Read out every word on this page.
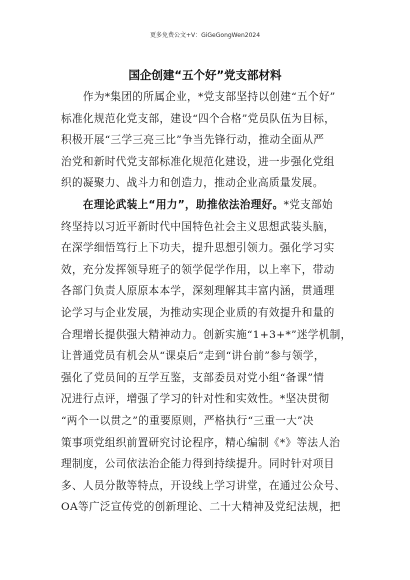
更多免费公文+V：GiGeGongWen2024
国企创建“五个好”党支部材料
　　作为*集团的所属企业，*党支部坚持以创建“五个好”
标准化规范化党支部，建设“四个合格”党员队伍为目标，
积极开展“三学三亮三比”争当先锋行动，推动全面从严
治党和新时代党支部标准化规范化建设，进一步强化党组
织的凝聚力、战斗力和创造力，推动企业高质量发展。
　　在理论武装上“用力”，助推依法治理好。*党支部始
终坚持以习近平新时代中国特色社会主义思想武装头脑，
在深学细悟笃行上下功夫，提升思想引领力。强化学习实
效，充分发挥领导班子的领学促学作用，以上率下，带动
各部门负责人原原本本学，深刻理解其丰富内涵，贯通理
论学习与企业发展，为推动实现企业质的有效提升和量的
合理增长提供强大精神动力。创新实施“1+3+*”迷学机制，
让普通党员有机会从“课桌后”走到“讲台前”参与领学，
强化了党员间的互学互鉴，支部委员对党小组“备课”情
况进行点评，增强了学习的针对性和实效性。*坚决贯彻
“两个一以贯之”的重要原则，严格执行“三重一大”决
策事项党组织前置研究讨论程序，精心编制《*》等法人治
理制度，公司依法治企能力得到持续提升。同时针对项目
多、人员分散等特点，开设线上学习讲堂，在通过公众号、
OA等广泛宣传党的创新理论、二十大精神及党纪法规，把
